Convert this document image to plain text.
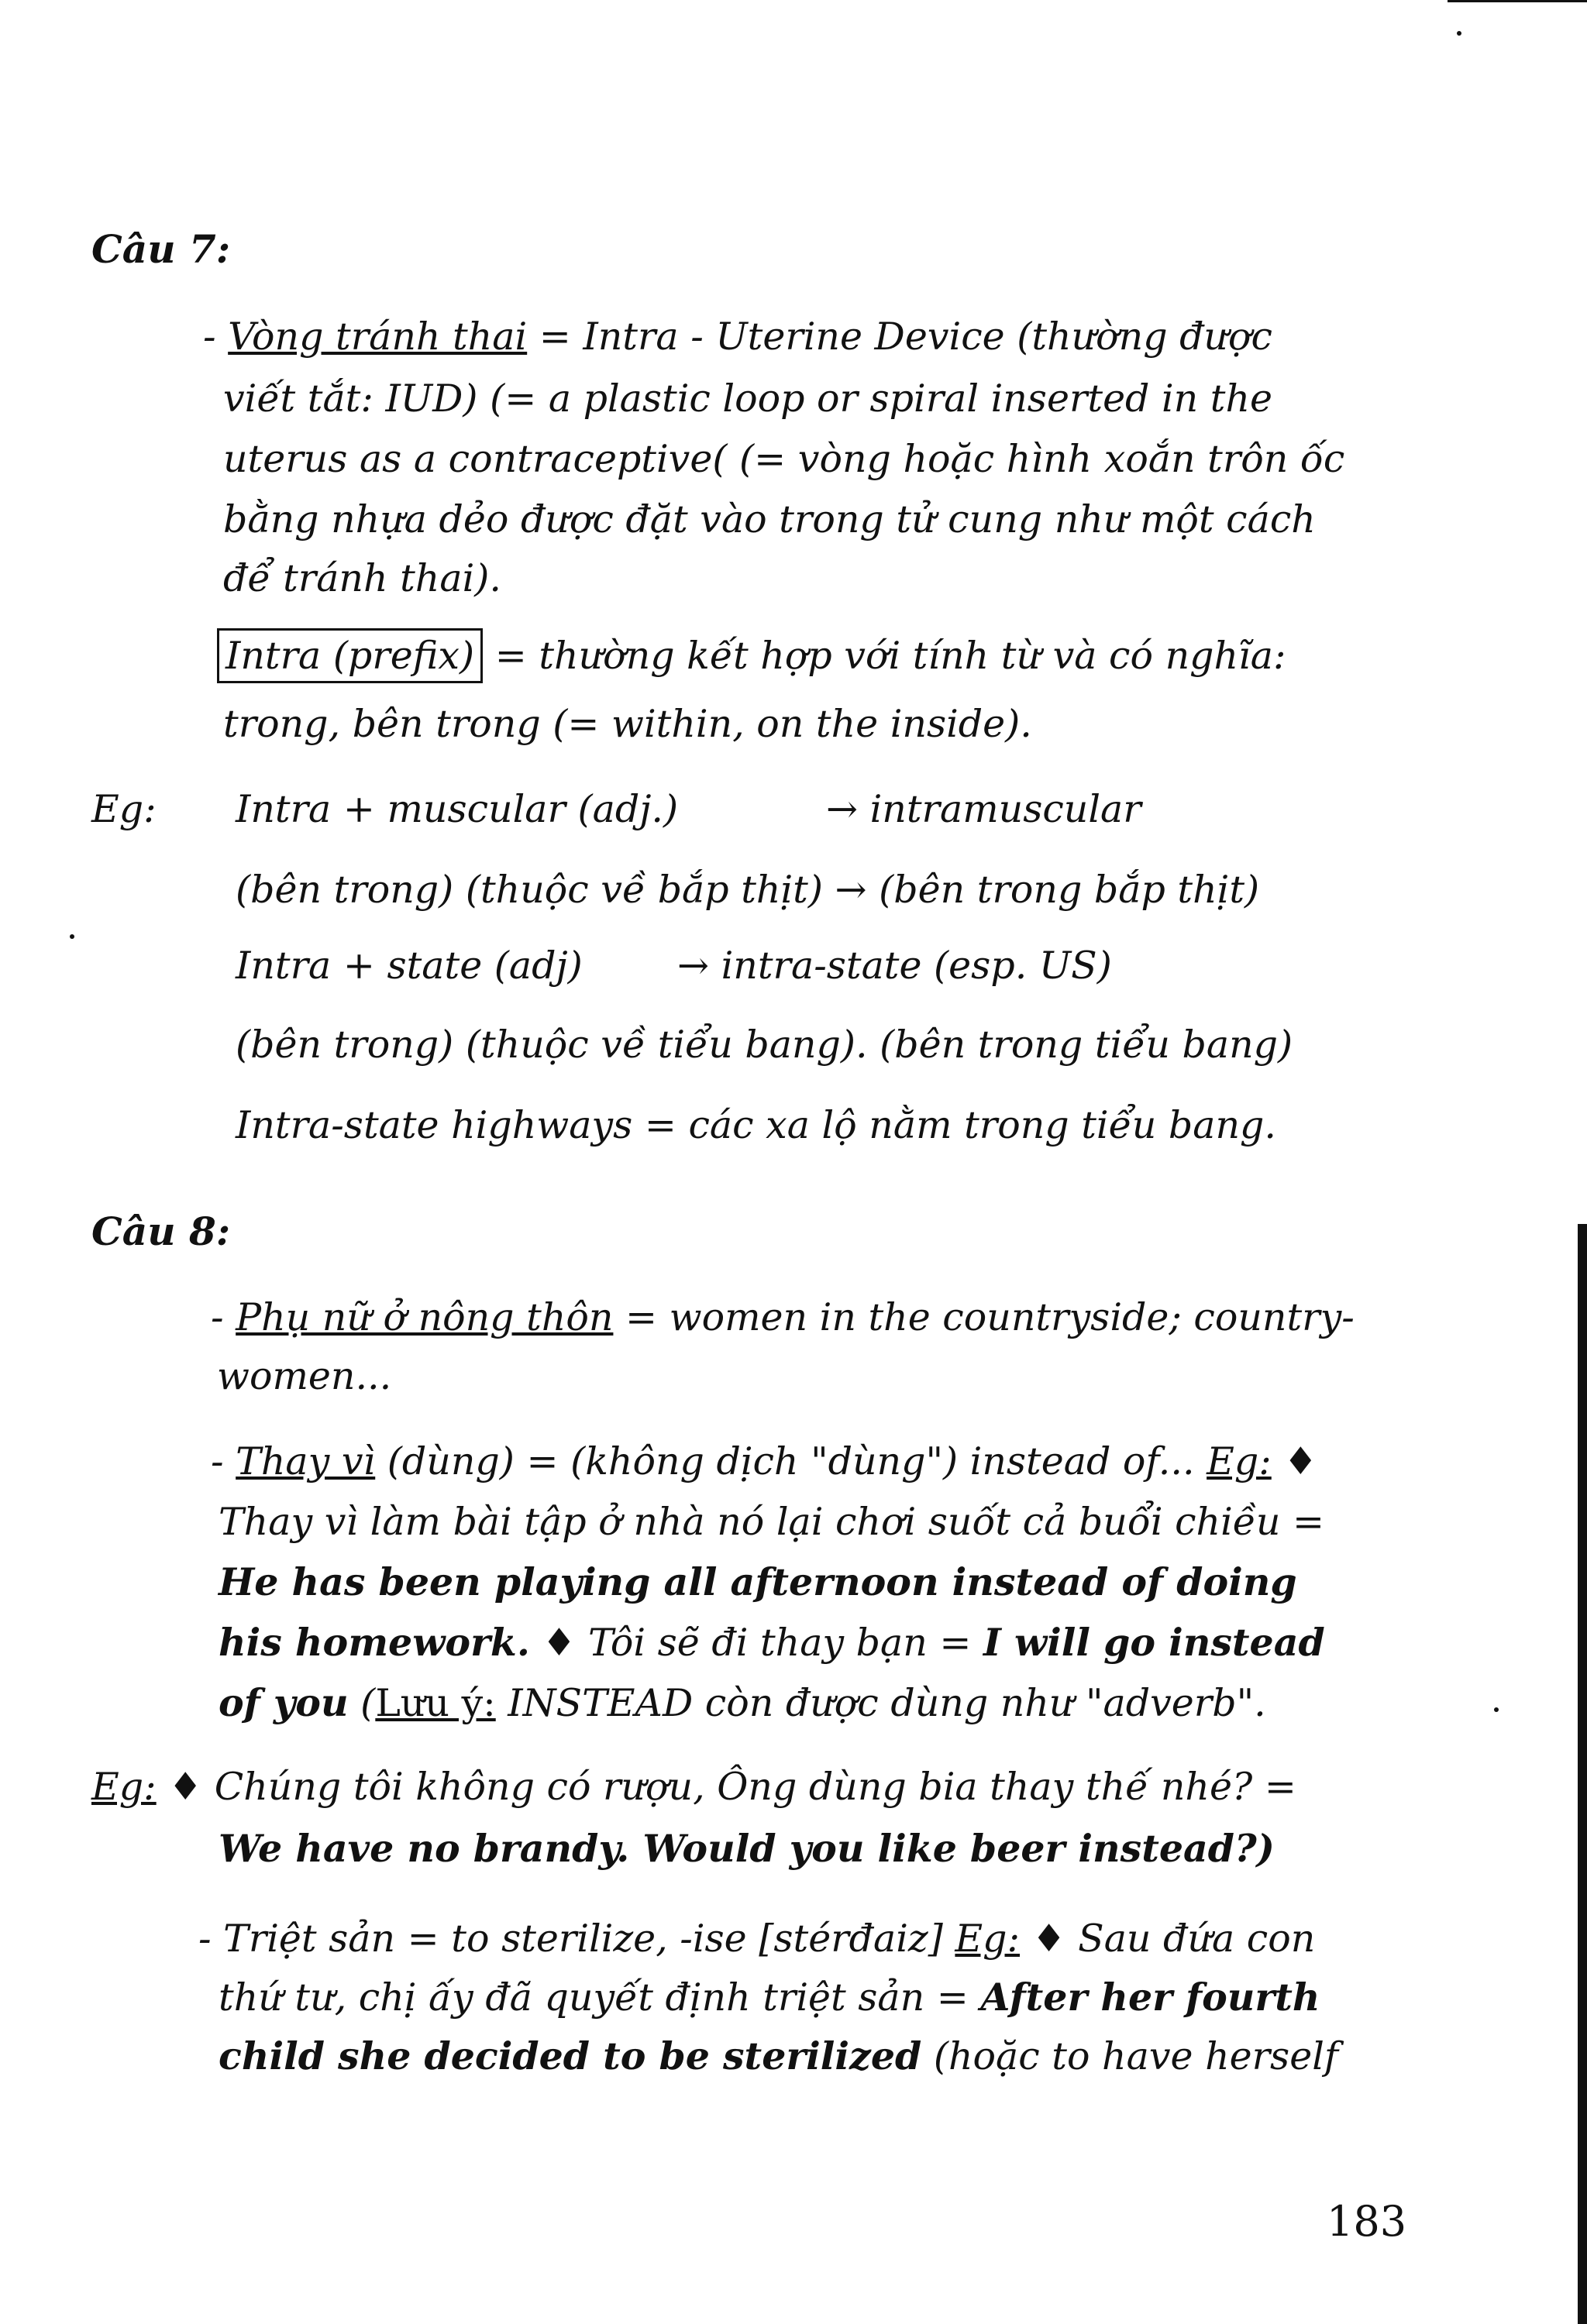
Câu 7:
- Vòng tránh thai = Intra - Uterine Device (thường được
viết tắt: IUD) (= a plastic loop or spiral inserted in the
uterus as a contraceptive( (= vòng hoặc hình xoắn trôn ốc
bằng nhựa dẻo được đặt vào trong tử cung như một cách
để tránh thai).
Intra (prefix) = thường kết hợp với tính từ và có nghĩa:
trong, bên trong (= within, on the inside).
Eg: Intra + muscular (adj.)	→ intramuscular
(bên trong) (thuộc về bắp thịt) → (bên trong bắp thịt)
Intra + state (adj) → intra-state (esp. US)
(bên trong) (thuộc về tiểu bang). (bên trong tiểu bang)
Intra-state highways = các xa lộ nằm trong tiểu bang.
Câu 8:
- Phụ nữ ở nông thôn = women in the countryside; country-
women...
- Thay vì (dùng) = (không dịch "dùng") instead of... Eg: ♦
Thay vì làm bài tập ở nhà nó lại chơi suốt cả buổi chiều =
He has been playing all afternoon instead of doing
his homework. ♦ Tôi sẽ đi thay bạn = I will go instead
of you (Lưu ý: INSTEAD còn được dùng như "adverb".
Eg: ♦ Chúng tôi không có rượu, Ông dùng bia thay thế nhé? =
We have no brandy. Would you like beer instead?)
- Triệt sản = to sterilize, -ise [stérđaiz] Eg: ♦ Sau đứa con
thứ tư, chị ấy đã quyết định triệt sản = After her fourth
child she decided to be sterilized (hoặc to have herself
183
